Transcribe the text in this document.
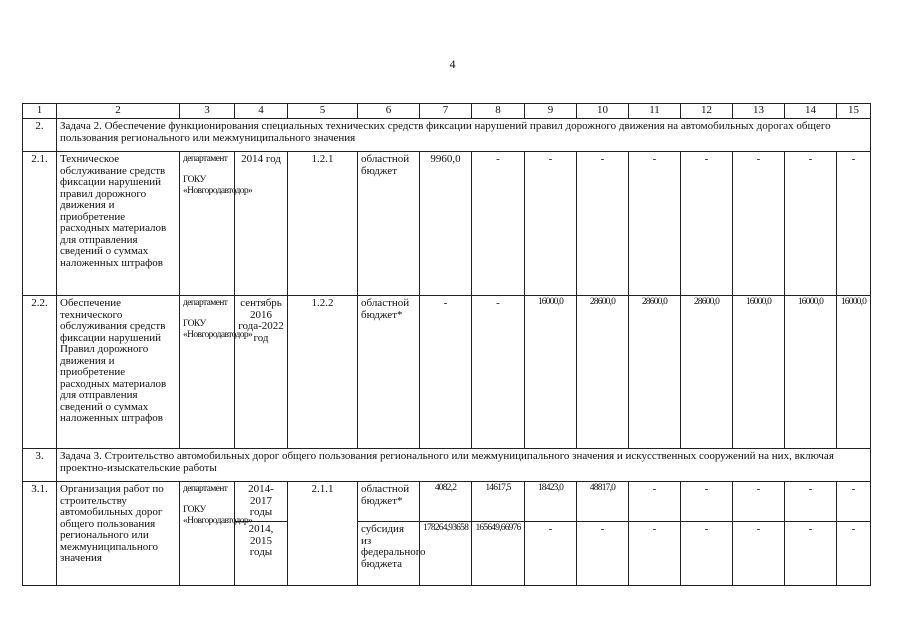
4
1	2	3	4	5	6	7	8	9	10	11	12	13	14	15
2.	Задача 2. Обеспечение функционирования специальных технических средств фиксации нарушений правил дорожного движения на автомобильных дорогах общего пользования регионального или межмуниципального значения													
2.1.	Техническое обслуживание средств фиксации нарушений правил дорожного движения и приобретение расходных материалов для отправления сведений о суммах наложенных штрафов	департамент
ГОКУ «Новгородавтодор»	2014 год	1.2.1	областной бюджет	9960,0	-	-	-	-	-	-	-	-
2.2.	Обеспечение технического обслуживания средств фиксации нарушений Правил дорожного движения и приобретение расходных материалов для отправления сведений о суммах наложенных штрафов	департамент
ГОКУ «Новгородавтодор»	сентябрь 2016 года-2022 год	1.2.2	областной бюджет*	-	-	16000,0	28600,0	28600,0	28600,0	16000,0	16000,0	16000,0
3.	Задача 3. Строительство автомобильных дорог общего пользования регионального или межмуниципального значения и искусственных сооружений на них, включая проектно-изыскательские работы													
3.1.	Организация работ по строительству автомобильных дорог общего пользования регионального или межмуниципального значения	департамент
ГОКУ «Новгородавтодор»	2014-2017 годы	2.1.1	областной бюджет*	4082,2	14617,5	18423,0	48817,0	-	-	-	-	-
			2014, 2015 годы		субсидия из федерального бюджета	178264,93658	165649,66976	-	-	-	-	-	-	-
